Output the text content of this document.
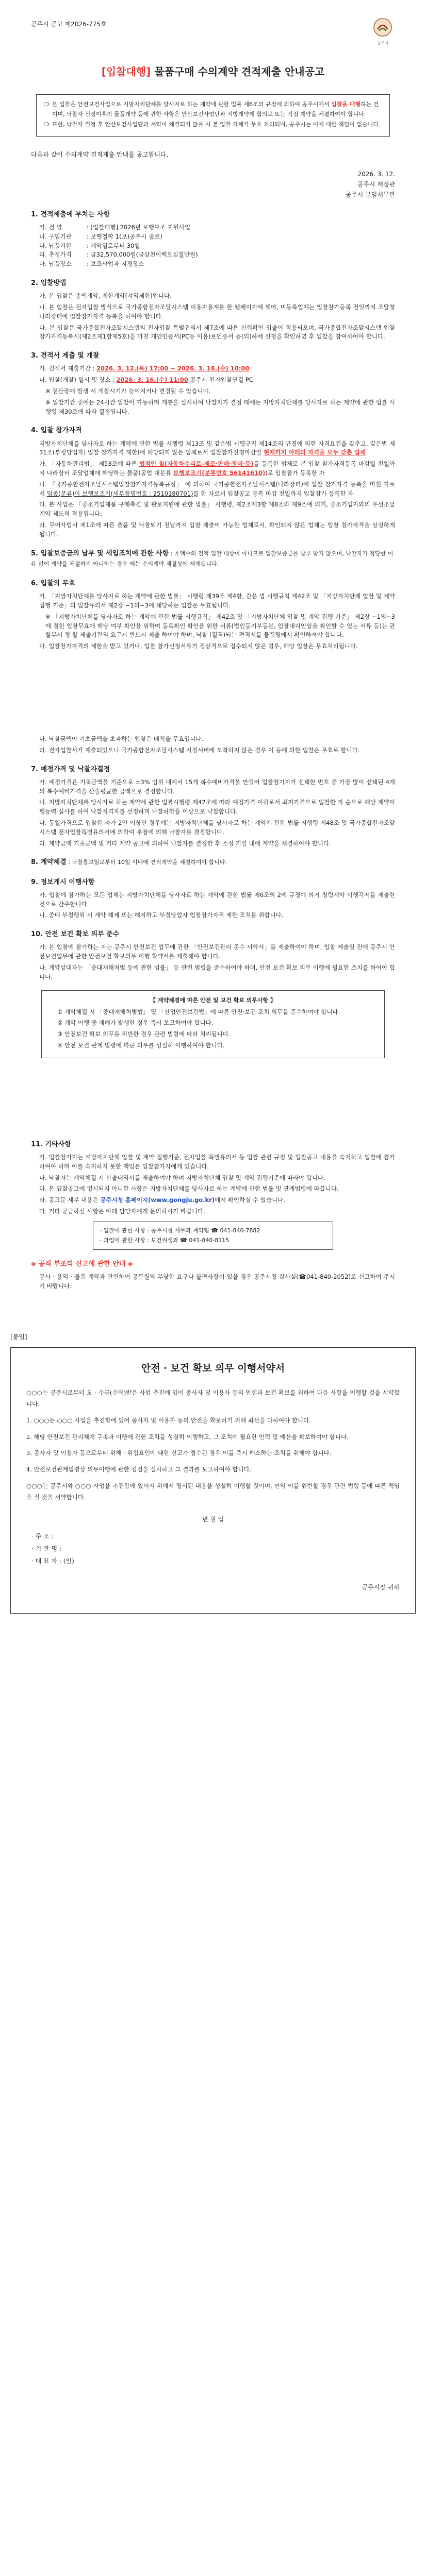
공주시 공고 제2026-775호
공주시
[입찰대행] 물품구매 수의계약 견적제출 안내공고

❍ 본 입찰은 안전보건사업으로 지방자치단체를 당사자로 하는 계약에 관한 법률 제6조의 규정에 의하여 공주시에서 입찰을 대행하는 건이며, 낙찰자 선정이후의 물품계약 등에 관한 사항은 안산보건사업단과 지방계약에 협의로 또는 직접 계약을 체결하여야 합니다.

❍ 또한, 낙찰자 결정 후 안산보건사업단과 계약이 체결되지 않을 시 본 입찰 자체가 무효 처리되며, 공주시는 이에 대한 책임이 없습니다.

다음과 같이 수의계약 견적제출 안내를 공고합니다.
2026. 3. 12.
공주시 재정관
공주시 분임재무관
1. 견적제출에 부치는 사항
가. 건 명	: [입찰대행] 2026년 보행보조 지원사업
나. 구입기관	: 보행철학 1(보)공주시 중로)
다. 납품기한	: 계약일로부터 30일
라. 추정가격	: 금32,570,000원(금삼천이백오십칠만원)
마. 납품장소	: 보조사업과 지정장소
2. 입찰방법
가. 본 입찰은 총액계약, 제한계약(지역제한)입니다.
나. 본 입찰은 전자입찰 방식으로 국가종합전자조달시스템 이용자용계를 한 웹페이지에 해야, 미등록업체는 입찰참가등록 전일까지 조달청 나라장터에 입찰참가자격 등록을 하여야 합니다.
다. 본 입찰은 국가종합전자조달시스템의 전자입찰 특별유의서 제7조에 따른 신뢰확인 입출이 적용되오며, 국가종합전자조달시스템 입찰참가자격등록시(제2조제1항제5호)을 마친 개인인증서(PC등 이용)로인증서 등(의)하에 신청을 확인하였 후 입찰을 참여하여야 합니다.
3. 견적서 제출 및 개찰
가. 견적서 제출기간 : 2026. 3. 12.(목) 17:00 ~ 2026. 3. 16.(수) 10:00
나. 입찰(개찰) 일시 및 장소 : 2026. 3. 16.(수) 11:00 공주시 전자입찰연결 PC
※ 전산장애 발생 시 개찰시기가 늦어지거나 변경될 수 있습니다.
※ 입찰기간 중에는 24시간 입찰이 가능하며 개통을 실시하여 낙찰자가 결정 때에는 지방자치단체를 당사자로 하는 계약에 관한 법률 시행령 제30조에 따라 결정됩니다.
4. 입찰 참가자격
지방자치단체를 당사자로 하는 계약에 관한 법률 시행령 제13조 및 같은법 시행규칙 제14조의 규정에 의한 자격요건을 갖추고, 같은법 제31조(부정당업자) 입찰 참가자격 제한)에 해당되지 않은 업체로서 입찰참가신청마감일 현재까지 아래의 자격을 모두 갖춘 업체
가. 「자동차관리법」 제53조에 따른 법적인 철(자동차수리로-제조·판매·정비·등)를 등록한 업체로 본 입찰 참가자격등록 마감일 전일까지 나라장터 조달업체에 해당하는 물품(공업 대분류 보행보조기(분류번호 56141610))로 입찰참가 등록한 자
나. 「국가종합전자조달시스템입찰참가자격등록규정」 에 의하여 국가종합전자조달시스템(나라장터)에 입찰 참가자격 등록을 마친 자로서 업종(분류)이 보행보조기(세부품명번호 : 2510180701)를 한 자로서 입찰공고 등록 마감 전일까지 입찰참가 등록한 자
다. 본 사업은 「중소기업제품 구매촉진 및 판로지원에 관한 법률」 시행령, 제2조제3항 제8조와 제9조에 의거, 중소기업자와의 우선조달계약 제도의 적용됩니다.
라. 무어사업서 제1조에 따른 출품 및 낙찰되기 전날까지 입찰 제출이 가능한 업체로서, 확인되지 않은 업체는 입찰 참가자격을 상실하게 됩니다.
5. 입찰보증금의 납부 및 세입조치에 관한 사항 : 소액수의 견적 입찰 대상이 아니므로 입찰보증금을 납부 받지 않으며, 낙찰자가 정당한 이유 없이 계약을 체결하지 아니하는 경우 에는 수의계약 체결상에 제재됩니다.
6. 입찰의 무효
가. 「지방자치단체를 당사자로 하는 계약에 관한 법률」 시행령 제39조 제4항, 같은 법 시행규칙 제42조 및 「지방자치단체 입찰 및 계약 집행 기준」의 입찰유의서 제2장 ~1의~3에 해당하는 입찰은 무효됩니다.
※ 「지방자치단체를 당사자로 하는 계약에 관한 법률 시행규칙」 제42조 및 「지방자치단체 입찰 및 계약 집행 기준」 제2장 ~1의~3에 정한 입찰무효에 해당 여부 확인을 위하여 등록확인 확인을 위한 서류(법인등기부등본, 입찰대리인임을 확인할 수 있는 서류 등)는 관할부서 정 할 제출기관의 요구시 반드시 제출 하여야 하며, 낙찰 (결격)되는 견적서를 물품명에서 확인하셔야 합니다.
다. 입찰참가자격의 제한을 받고 있거나, 입찰 참가신청서류가 정상적으로 접수되지 않은 경우, 해당 입찰은 무효처리됩니다.
다. 낙찰금액이 기초금액을 초과하는 입찰은 배척을 무효입니다.
라. 전자입찰서가 제출되었으나 국가종합전자조달시스템 지정서버에 도착하지 않은 경우 이 등에 의한 입찰은 무효로 합니다.
7. 예정가격 및 낙찰자결정
가. 예정가격은 기초금액을 기준으로 ±3% 범위 내에서 15개 복수예비가격을 만들어 입찰참가자가 선택한 번호 중 가장 많이 선택된 4개의 복수예비가격을 산술평균한 금액으로 결정합니다.
나. 지방자치단체를 당사자로 하는 계약에 관한 법률시행령 제42조에 따라 예정가격 이하로서 최저가격으로 입찰한 자 순으로 해당 계약이행능력 심사를 하여 낙찰적격자를 선정하며 낙찰하한율 이상으로 낙찰합니다.
다. 동일가격으로 입찰한 자가 2인 이상인 경우에는 지방자치단체를 당사자로 하는 계약에 관한 법률 시행령 제48조 및 국가종합전자조달시스템 전자입찰특별유의서에 의하여 추첨에 의해 낙찰자를 결정합니다.
라. 계약금액 기초금액 및 기타 계약 공고에 의하여 낙찰자를 결정한 후 소정 기일 내에 계약을 체결하여야 합니다.
8. 계약체결 : 낙찰통보일로부터 10일 이내에 견적계약을 체결하여야 합니다.
9. 정보게시 이행사항
가. 입찰에 참가하는 모든 업체는 지방자치단체를 당사자로 하는 계약에 관한 법률 제6조의 2에 규정에 의거 청렴계약 이행각서를 제출한 것으로 간주합니다.
나. 중대 부정행위 시 계약 해제 또는 해지하고 부정당업자 입찰참가자격 제한 조치를 취합니다.
10. 안전 보건 확보 의무 준수
가. 본 입찰에 참가하는 자는 공주시 안전보건 업무에 관한 「안전보건관리 준수 서약서」를 제출하여야 하며, 입찰 제출일 전에 공주시 안전보건업무에 관한 안전보건 확보의무 이행 확약서를 제출해야 합니다.
나. 계약상대자는 「중대재해처벌 등에 관한 법률」 등 관련 법령을 준수하여야 하며, 안전 보건 확보 의무 이행에 필요한 조치를 하여야 합니다.
【 계약체결에 따른 안전 및 보건 확보 의무사항 】
① 계약체결 시 「중대재해처벌법」 및 「산업안전보건법」에 따른 안전·보건 조치 의무를 준수하여야 합니다.
② 계약 이행 중 재해가 발생한 경우 즉시 보고하여야 합니다.
③ 안전보건 확보 의무를 위반한 경우 관련 법령에 따라 처리됩니다.
④ 안전 보건 관계 법령에 따른 의무를 성실히 이행하여야 합니다.
11. 기타사항
가. 입찰참가자는 지방자치단체 입찰 및 계약 집행기준, 전자입찰 특별유의서 등 입찰 관련 규정 및 입찰공고 내용을 숙지하고 입찰에 참가하여야 하며 이를 숙지하지 못한 책임은 입찰참가자에게 있습니다.
나. 낙찰자는 계약체결 시 산출내역서를 제출하여야 하며 지방자치단체 입찰 및 계약 집행기준에 따라야 합니다.
다. 본 입찰공고에 명시되지 아니한 사항은 지방자치단체를 당사자로 하는 계약에 관한 법률 및 관계법령에 따릅니다.
라. 공고문 세부 내용은 공주시청 홈페이지(www.gongju.go.kr)에서 확인하실 수 있습니다.
마. 기타 궁금하신 사항은 아래 담당자에게 문의하시기 바랍니다.
- 입찰에 관한 사항 : 공주시청 재무과 계약팀 ☎ 041-840-7882
- 과업에 관한 사항 : 보건위생과 ☎ 041-840-8115
◈ 공직 부조리 신고에 관한 안내 ◈
공사 · 용역 · 물품 계약과 관련하여 공무원의 부당한 요구나 불편사항이 있을 경우 공주시청 감사실(☎041-840-2052)로 신고하여 주시기 바랍니다.
[붙임]
안전 · 보건 확보 의무 이행서약서

○○○는 공주시로부터 도 · 수급(수탁)받은 사업 추진에 있어 종사자 및 이용자 등의 안전과 보건 확보를 위하여 다음 사항을 이행할 것을 서약합니다.

1. ○○○는 ○○○ 사업을 추진함에 있어 종사자 및 이용자 등의 안전을 확보하기 위해 최선을 다하여야 합니다.

2. 해당 안전보건 관리체계 구축과 이행에 관한 조치를 성실히 이행하고, 그 조치에 필요한 인력 및 예산을 확보하여야 합니다.

3. 종사자 및 이용자 등으로부터 위해 · 위험요인에 대한 신고가 접수된 경우 이를 즉시 해소하는 조치를 취해야 합니다.

4. 안전보건관계법령상 의무이행에 관한 점검을 실시하고 그 결과를 보고하여야 합니다.

○○○는 공주시와 ○○○ 사업을 추진함에 있어서 위에서 명시된 내용을 성실히 이행할 것이며, 만약 이를 위반할 경우 관련 법령 등에 따른 책임을 질 것을 서약합니다.

년 월 일
· 주 소 :
· 기 관 명 :
· 대 표 자 : (인)
공주시장 귀하
